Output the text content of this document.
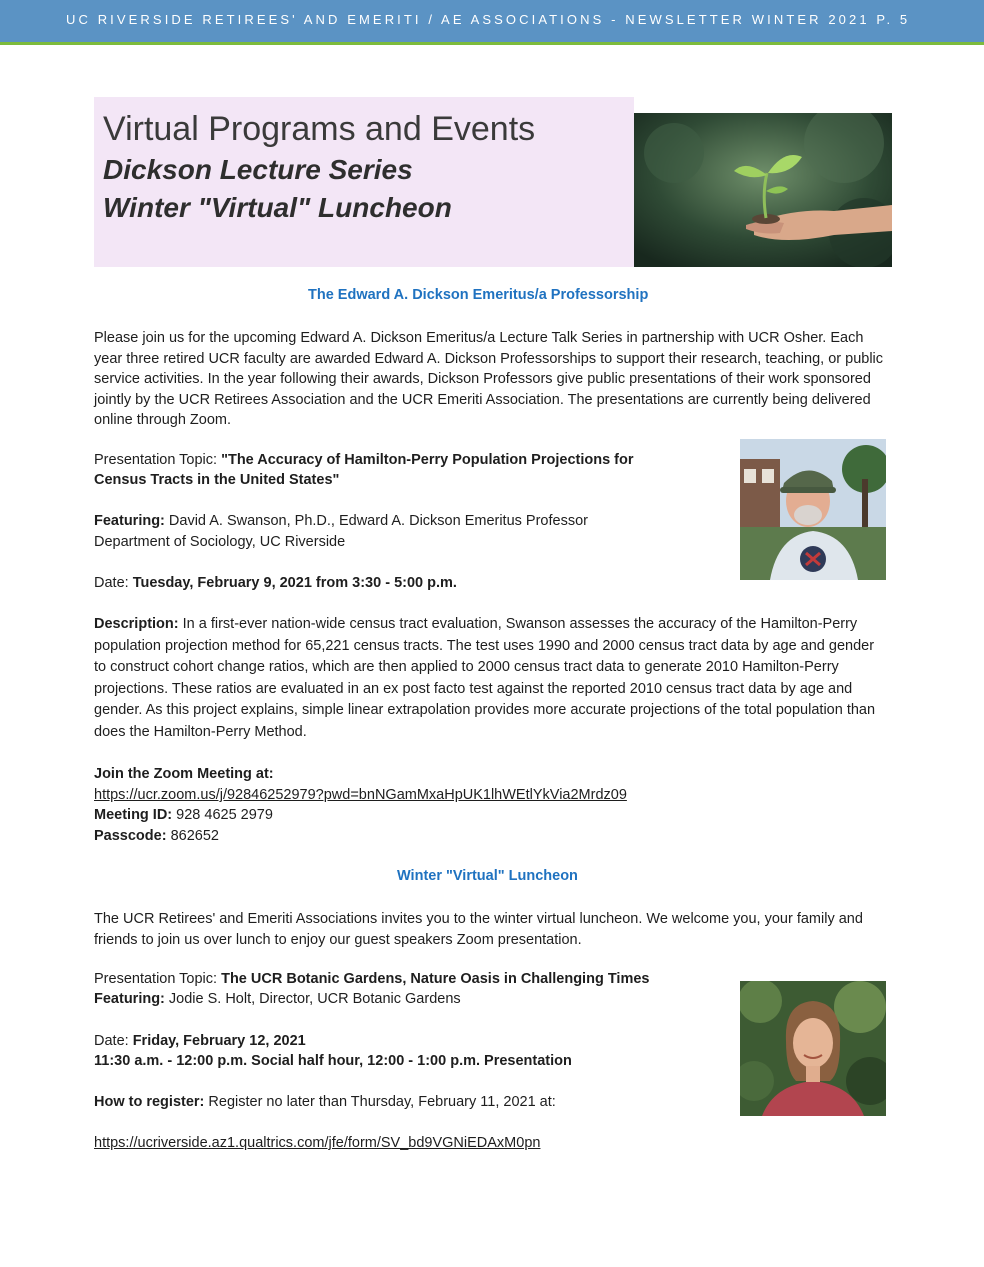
UC RIVERSIDE RETIREES' AND EMERITI / AE ASSOCIATIONS - NEWSLETTER WINTER 2021 P. 5
Virtual Programs and Events
Dickson Lecture Series
Winter "Virtual" Luncheon
The Edward A. Dickson Emeritus/a Professorship
Please join us for the upcoming Edward A. Dickson Emeritus/a Lecture Talk Series in partnership with UCR Osher. Each year three retired UCR faculty are awarded Edward A. Dickson Professorships to support their research, teaching, or public service activities. In the year following their awards, Dickson Professors give public presentations of their work sponsored jointly by the UCR Retirees Association and the UCR Emeriti Association. The presentations are currently being delivered online through Zoom.
Presentation Topic: "The Accuracy of Hamilton-Perry Population Projections for
Census Tracts in the United States"
Featuring: David A. Swanson, Ph.D., Edward A. Dickson Emeritus Professor
Department of Sociology, UC Riverside
Date: Tuesday, February 9, 2021 from 3:30 - 5:00 p.m.
Description: In a first-ever nation-wide census tract evaluation, Swanson assesses the accuracy of the Hamilton-Perry population projection method for 65,221 census tracts. The test uses 1990 and 2000 census tract data by age and gender to construct cohort change ratios, which are then applied to 2000 census tract data to generate 2010 Hamilton-Perry projections. These ratios are evaluated in an ex post facto test against the reported 2010 census tract data by age and gender. As this project explains, simple linear extrapolation provides more accurate projections of the total population than does the Hamilton-Perry Method.
Join the Zoom Meeting at:
https://ucr.zoom.us/j/92846252979?pwd=bnNGamMxaHpUK1lhWEtlYkVia2Mrdz09
Meeting ID: 928 4625 2979
Passcode: 862652
Winter "Virtual" Luncheon
The UCR Retirees' and Emeriti Associations invites you to the winter virtual luncheon. We welcome you, your family and friends to join us over lunch to enjoy our guest speakers Zoom presentation.
Presentation Topic: The UCR Botanic Gardens, Nature Oasis in Challenging Times
Featuring: Jodie S. Holt, Director, UCR Botanic Gardens
Date: Friday, February 12, 2021
11:30 a.m. - 12:00 p.m. Social half hour, 12:00 - 1:00 p.m. Presentation
How to register: Register no later than Thursday, February 11, 2021 at:
https://ucriverside.az1.qualtrics.com/jfe/form/SV_bd9VGNiEDAxM0pn
